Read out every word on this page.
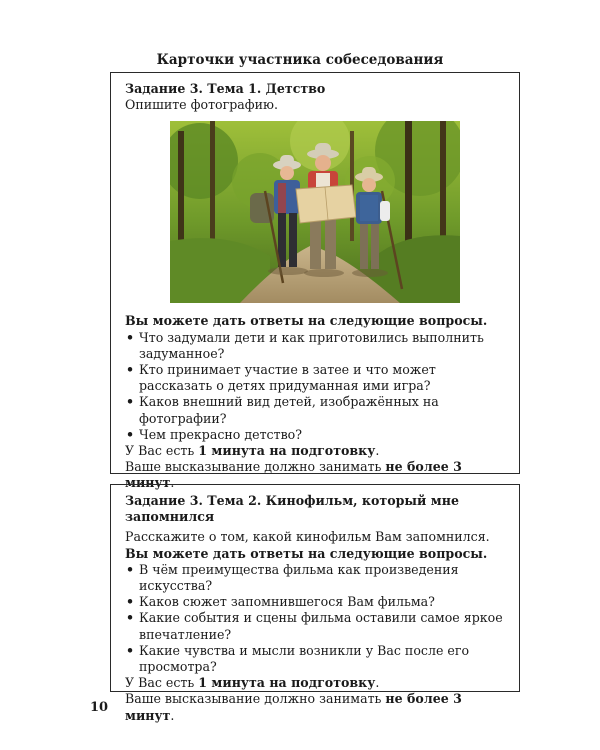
Карточки участника собеседования
Задание 3. Тема 1. Детство
Опишите фотографию.
Вы можете дать ответы на следующие вопросы.
• Что задумали дети и как приготовились выполнить задуманное?
• Кто принимает участие в затее и что может рассказать о детях придуманная ими игра?
• Каков внешний вид детей, изображённых на фотографии?
• Чем прекрасно детство?
У Вас есть 1 минута на подготовку.
Ваше высказывание должно занимать не более 3 минут.
Задание 3. Тема 2. Кинофильм, который мне запомнился
Расскажите о том, какой кинофильм Вам запомнился.
Вы можете дать ответы на следующие вопросы.
• В чём преимущества фильма как произведения искусства?
• Каков сюжет запомнившегося Вам фильма?
• Какие события и сцены фильма оставили самое яркое впечатление?
• Какие чувства и мысли возникли у Вас после его просмотра?
У Вас есть 1 минута на подготовку.
Ваше высказывание должно занимать не более 3 минут.
10
